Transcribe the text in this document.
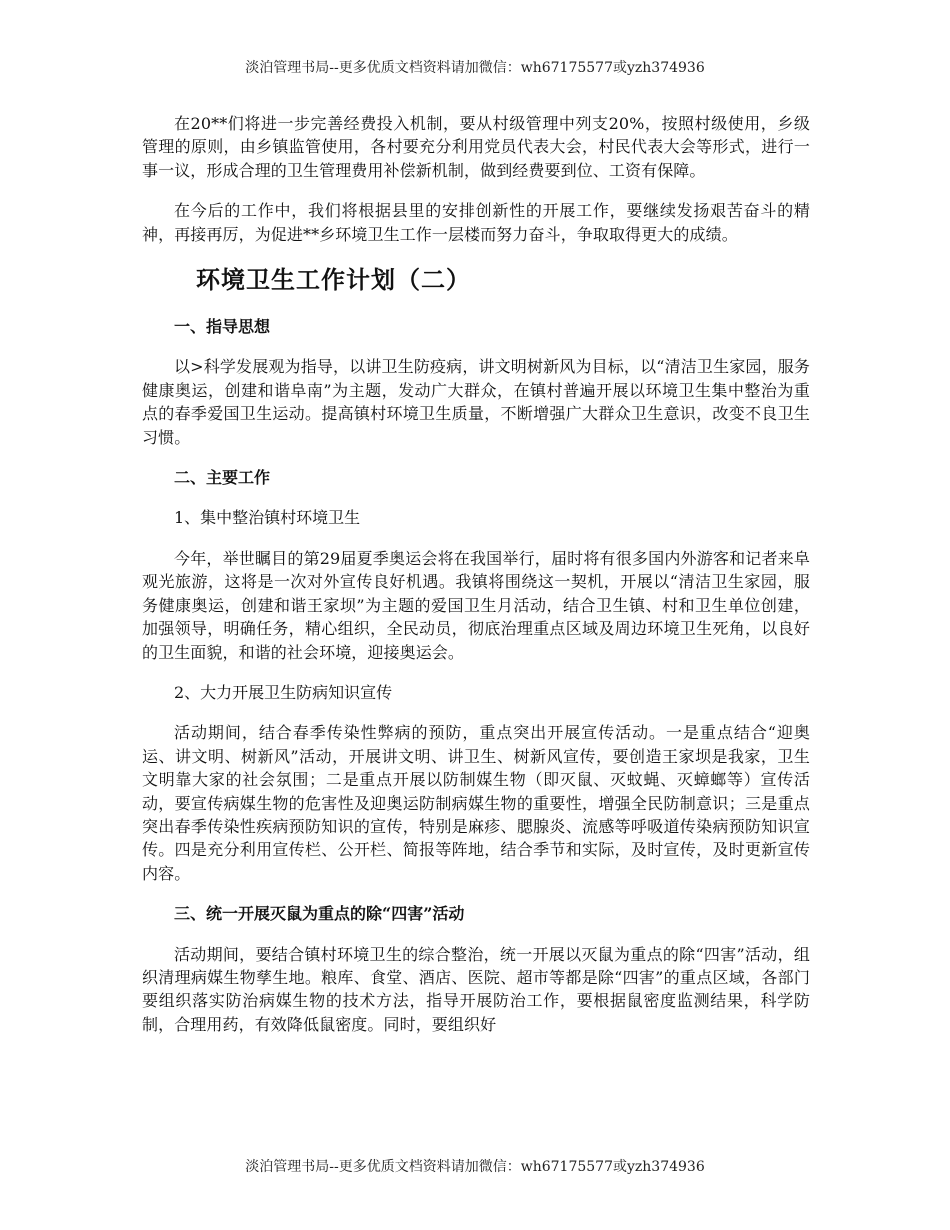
淡泊管理书局--更多优质文档资料请加微信：wh67175577或yzh374936

在20**们将进一步完善经费投入机制，要从村级管理中列支20%，按照村级使用，乡级管理的原则，由乡镇监管使用，各村要充分利用党员代表大会，村民代表大会等形式，进行一事一议，形成合理的卫生管理费用补偿新机制，做到经费要到位、工资有保障。

在今后的工作中，我们将根据县里的安排创新性的开展工作，要继续发扬艰苦奋斗的精神，再接再厉，为促进**乡环境卫生工作一层楼而努力奋斗，争取取得更大的成绩。

环境卫生工作计划（二）
一、指导思想

以>科学发展观为指导，以讲卫生防疫病，讲文明树新风为目标，以“清洁卫生家园，服务健康奥运，创建和谐阜南”为主题，发动广大群众，在镇村普遍开展以环境卫生集中整治为重点的春季爱国卫生运动。提高镇村环境卫生质量，不断增强广大群众卫生意识，改变不良卫生习惯。

二、主要工作

1、集中整治镇村环境卫生

今年，举世瞩目的第29届夏季奥运会将在我国举行，届时将有很多国内外游客和记者来阜观光旅游，这将是一次对外宣传良好机遇。我镇将围绕这一契机，开展以“清洁卫生家园，服务健康奥运，创建和谐王家坝”为主题的爱国卫生月活动，结合卫生镇、村和卫生单位创建，加强领导，明确任务，精心组织，全民动员，彻底治理重点区域及周边环境卫生死角，以良好的卫生面貌，和谐的社会环境，迎接奥运会。

2、大力开展卫生防病知识宣传

活动期间，结合春季传染性弊病的预防，重点突出开展宣传活动。一是重点结合“迎奥运、讲文明、树新风”活动，开展讲文明、讲卫生、树新风宣传，要创造王家坝是我家，卫生文明靠大家的社会氛围；二是重点开展以防制媒生物（即灭鼠、灭蚊蝇、灭蟑螂等）宣传活动，要宣传病媒生物的危害性及迎奥运防制病媒生物的重要性，增强全民防制意识；三是重点突出春季传染性疾病预防知识的宣传，特别是麻疹、腮腺炎、流感等呼吸道传染病预防知识宣传。四是充分利用宣传栏、公开栏、简报等阵地，结合季节和实际，及时宣传，及时更新宣传内容。

三、统一开展灭鼠为重点的除“四害”活动

活动期间，要结合镇村环境卫生的综合整治，统一开展以灭鼠为重点的除“四害”活动，组织清理病媒生物孳生地。粮库、食堂、酒店、医院、超市等都是除“四害”的重点区域，各部门要组织落实防治病媒生物的技术方法，指导开展防治工作，要根据鼠密度监测结果，科学防制，合理用药，有效降低鼠密度。同时，要组织好

淡泊管理书局--更多优质文档资料请加微信：wh67175577或yzh374936
